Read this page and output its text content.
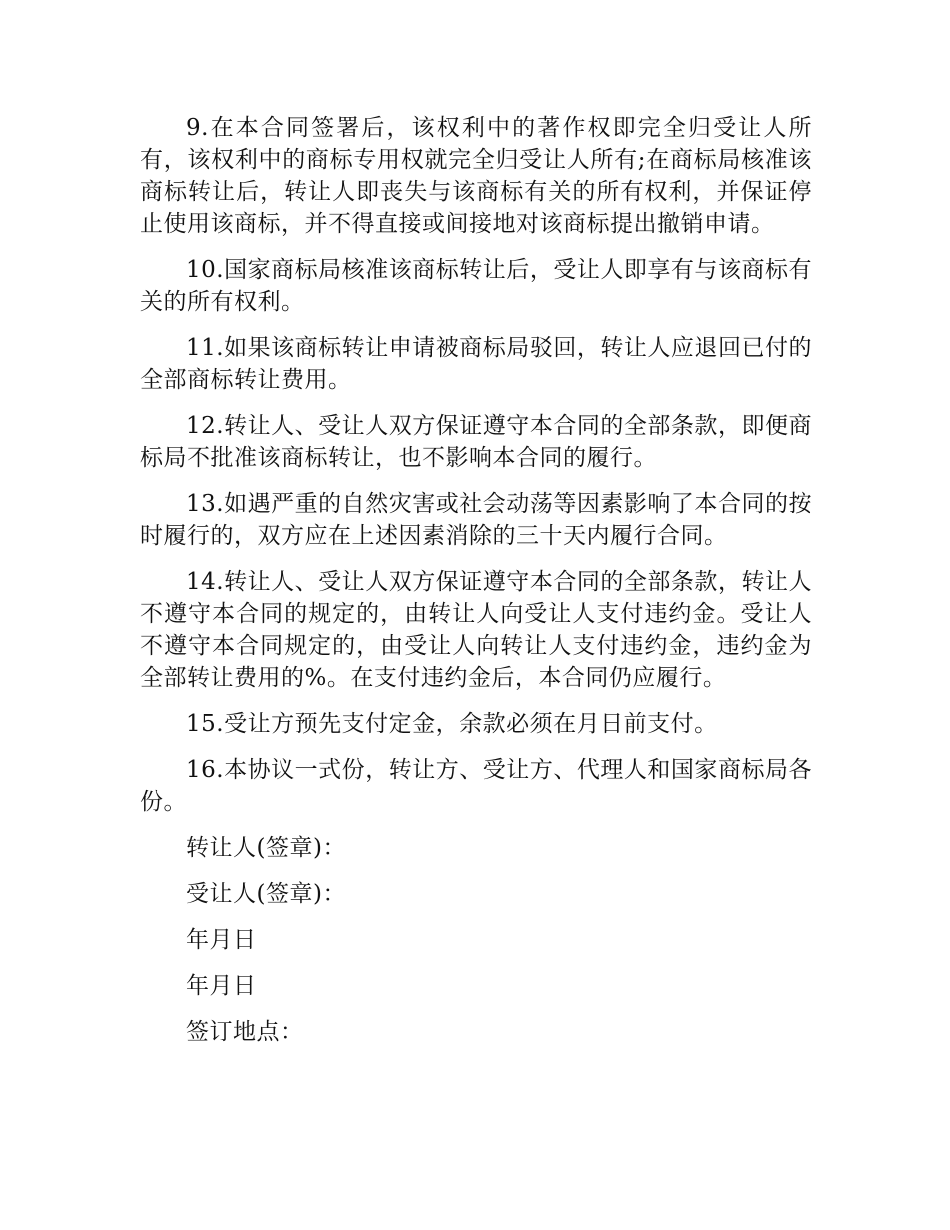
9.在本合同签署后，该权利中的著作权即完全归受让人所有，该权利中的商标专用权就完全归受让人所有;在商标局核准该商标转让后，转让人即丧失与该商标有关的所有权利，并保证停止使用该商标，并不得直接或间接地对该商标提出撤销申请。

10.国家商标局核准该商标转让后，受让人即享有与该商标有关的所有权利。

11.如果该商标转让申请被商标局驳回，转让人应退回已付的全部商标转让费用。

12.转让人、受让人双方保证遵守本合同的全部条款，即便商标局不批准该商标转让，也不影响本合同的履行。

13.如遇严重的自然灾害或社会动荡等因素影响了本合同的按时履行的，双方应在上述因素消除的三十天内履行合同。

14.转让人、受让人双方保证遵守本合同的全部条款，转让人不遵守本合同的规定的，由转让人向受让人支付违约金。受让人不遵守本合同规定的，由受让人向转让人支付违约金，违约金为全部转让费用的%。在支付违约金后，本合同仍应履行。

15.受让方预先支付定金，余款必须在月日前支付。

16.本协议一式份，转让方、受让方、代理人和国家商标局各份。

转让人(签章)：

受让人(签章)：

年月日

年月日

签订地点：
